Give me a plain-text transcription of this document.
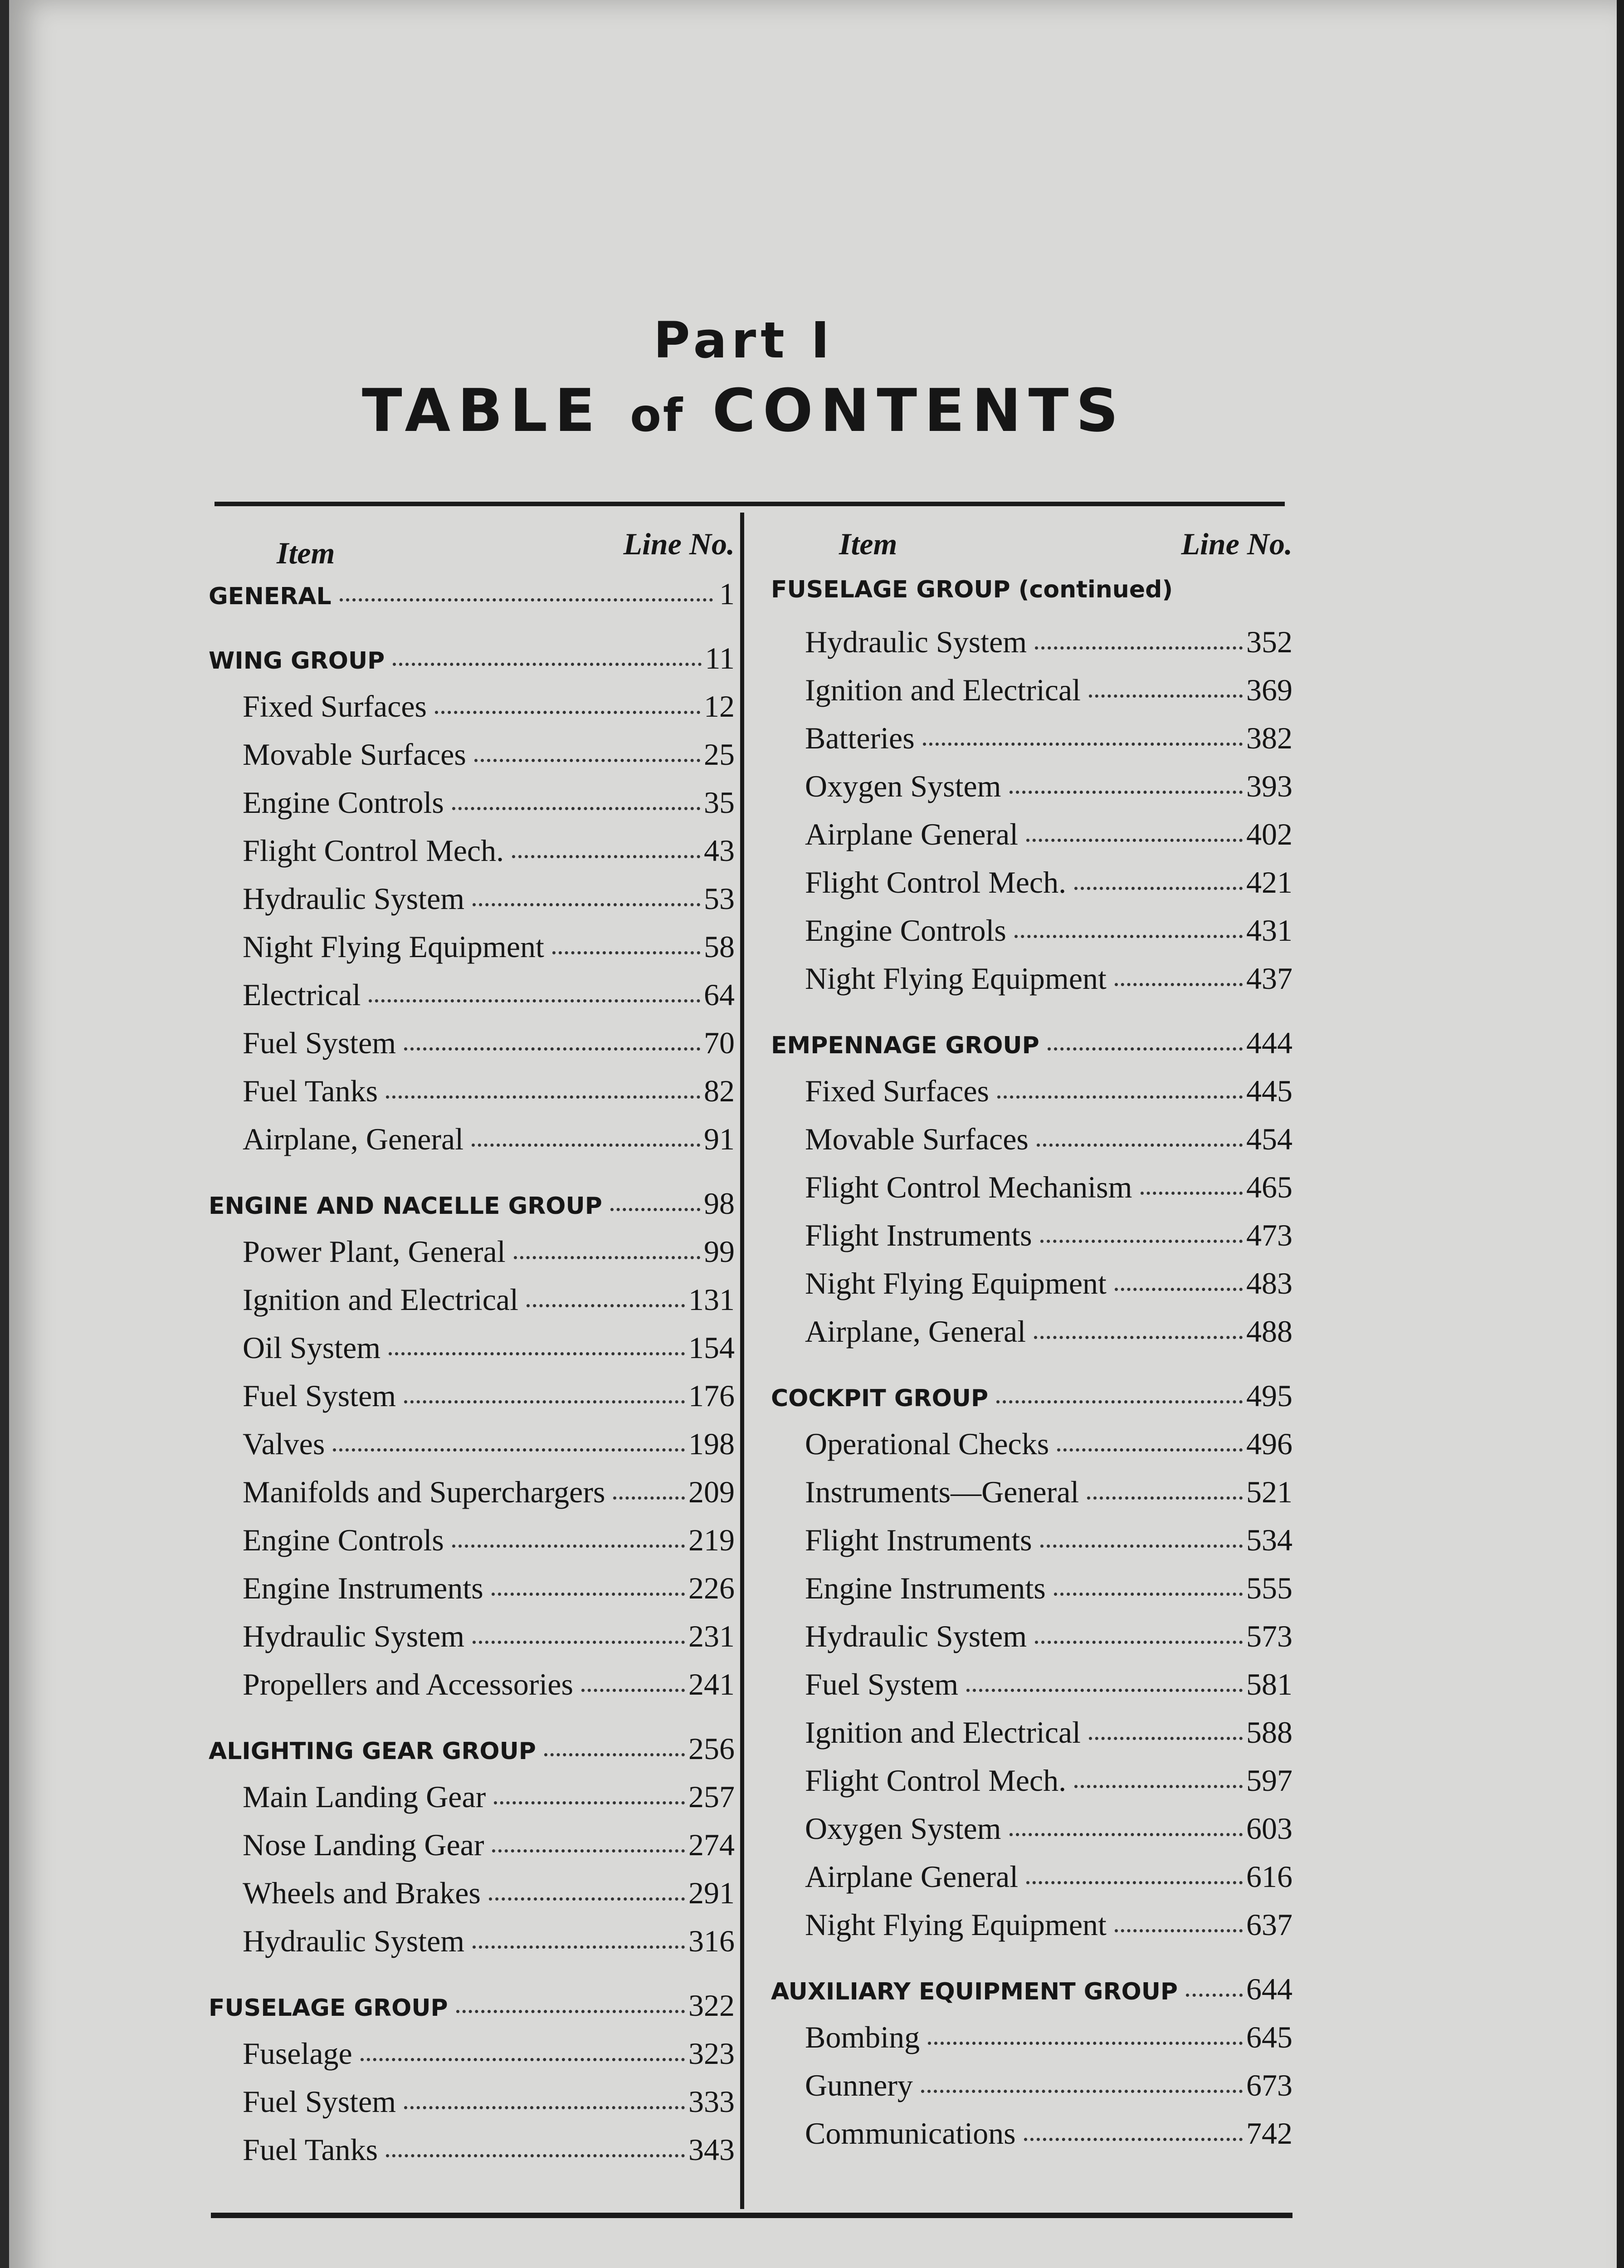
Part I
TABLE of CONTENTS
Item	Line No.
GENERAL	1
WING GROUP	11
Fixed Surfaces	12
Movable Surfaces	25
Engine Controls	35
Flight Control Mech.	43
Hydraulic System	53
Night Flying Equipment	58
Electrical	64
Fuel System	70
Fuel Tanks	82
Airplane, General	91
ENGINE AND NACELLE GROUP	98
Power Plant, General	99
Ignition and Electrical	131
Oil System	154
Fuel System	176
Valves	198
Manifolds and Superchargers	209
Engine Controls	219
Engine Instruments	226
Hydraulic System	231
Propellers and Accessories	241
ALIGHTING GEAR GROUP	256
Main Landing Gear	257
Nose Landing Gear	274
Wheels and Brakes	291
Hydraulic System	316
FUSELAGE GROUP	322
Fuselage	323
Fuel System	333
Fuel Tanks	343
Item	Line No.
FUSELAGE GROUP (continued)
Hydraulic System	352
Ignition and Electrical	369
Batteries	382
Oxygen System	393
Airplane General	402
Flight Control Mech.	421
Engine Controls	431
Night Flying Equipment	437
EMPENNAGE GROUP	444
Fixed Surfaces	445
Movable Surfaces	454
Flight Control Mechanism	465
Flight Instruments	473
Night Flying Equipment	483
Airplane, General	488
COCKPIT GROUP	495
Operational Checks	496
Instruments—General	521
Flight Instruments	534
Engine Instruments	555
Hydraulic System	573
Fuel System	581
Ignition and Electrical	588
Flight Control Mech.	597
Oxygen System	603
Airplane General	616
Night Flying Equipment	637
AUXILIARY EQUIPMENT GROUP 644
Bombing	645
Gunnery	673
Communications	742
